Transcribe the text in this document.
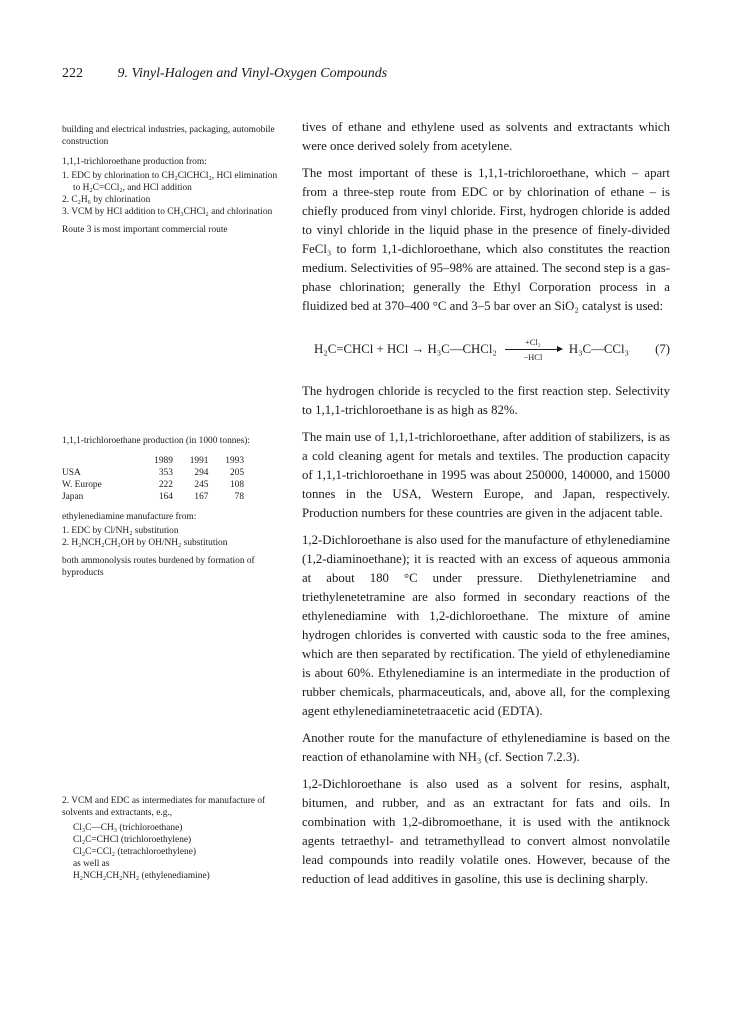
222 9. Vinyl-Halogen and Vinyl-Oxygen Compounds

building and electrical industries, packaging, automobile construction

1,1,1-trichloroethane production from:

1. EDC by chlorination to CH₂ClCHCl₂, HCl elimination to H₂C=CCl₂, and HCl addition
2. C₂H₆ by chlorination
3. VCM by HCl addition to CH₃CHCl₂ and chlorination

Route 3 is most important commercial route

1,1,1-trichloroethane production (in 1000 tonnes):

	1989	1991	1993
USA	353	294	205
W. Europe	222	245	108
Japan	164	167	78

ethylenediamine manufacture from:

1. EDC by Cl/NH₂ substitution
2. H₂NCH₂CH₂OH by OH/NH₂ substitution

both ammonolysis routes burdened by formation of byproducts

2. VCM and EDC as intermediates for manufacture of solvents and extractants, e.g.,

Cl₃C—CH₃ (trichloroethane)
Cl₂C=CHCl (trichloroethylene)
Cl₂C=CCl₂ (tetrachloroethylene)
as well as
H₂NCH₂CH₂NH₂ (ethylenediamine)

tives of ethane and ethylene used as solvents and extractants which were once derived solely from acetylene.

The most important of these is 1,1,1-trichloroethane, which – apart from a three-step route from EDC or by chlorination of ethane – is chiefly produced from vinyl chloride. First, hydrogen chloride is added to vinyl chloride in the liquid phase in the presence of finely-divided FeCl₃ to form 1,1-dichloroethane, which also constitutes the reaction medium. Selectivities of 95–98% are attained. The second step is a gas-phase chlorination; generally the Ethyl Corporation process in a fluidized bed at 370–400 °C and 3–5 bar over an SiO₂ catalyst is used:

H₂C=CHCl + HCl → H₃C—CHCl₂	+Cl₂
−HCl
H₃C—CCl₃ (7)

The hydrogen chloride is recycled to the first reaction step. Selectivity to 1,1,1-trichloroethane is as high as 82%.

The main use of 1,1,1-trichloroethane, after addition of stabilizers, is as a cold cleaning agent for metals and textiles. The production capacity of 1,1,1-trichloroethane in 1995 was about 250000, 140000, and 15000 tonnes in the USA, Western Europe, and Japan, respectively. Production numbers for these countries are given in the adjacent table.

1,2-Dichloroethane is also used for the manufacture of ethylenediamine (1,2-diaminoethane); it is reacted with an excess of aqueous ammonia at about 180 °C under pressure. Diethylenetriamine and triethylenetetramine are also formed in secondary reactions of the ethylenediamine with 1,2-dichloroethane. The mixture of amine hydrogen chlorides is converted with caustic soda to the free amines, which are then separated by rectification. The yield of ethylenediamine is about 60%. Ethylenediamine is an intermediate in the production of rubber chemicals, pharmaceuticals, and, above all, for the complexing agent ethylenediaminetetraacetic acid (EDTA).

Another route for the manufacture of ethylenediamine is based on the reaction of ethanolamine with NH₃ (cf. Section 7.2.3).

1,2-Dichloroethane is also used as a solvent for resins, asphalt, bitumen, and rubber, and as an extractant for fats and oils. In combination with 1,2-dibromoethane, it is used with the antiknock agents tetraethyl- and tetramethyllead to convert almost nonvolatile lead compounds into readily volatile ones. However, because of the reduction of lead additives in gasoline, this use is declining sharply.
